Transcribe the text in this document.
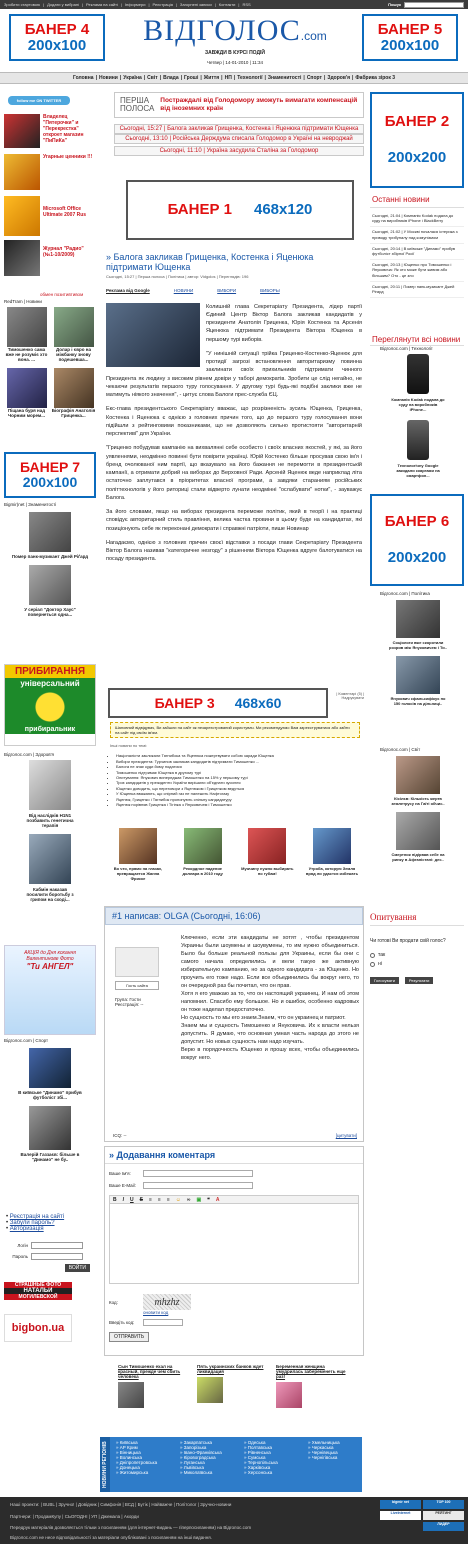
Зробити стартовою | Додати у вибрані | Реклама на сайті | Інформери | Реєстрація | Загорнені записи | Контакти | RSS	Пошук
БАНЕР 4
200x100
БАНЕР 5
200x100
ВІДГОЛОС.com
ЗАВЖДИ В КУРСІ ПОДІЙ
Четвер | 14-01-2010 | 11:34
Головна | Новини | Україна | Світ | Влада | Гроші | Життя | НП | Технології | Знаменитості | Спорт | Здоров'я | Фабрика зірок 3
follow me ON TWITTER
Владелец "Пятерочки" и "Перекрестка" откроет магазин "ПиПиКа"
Угарные ценники !!!
Microsoft Office Ultimate 2007 Rus
Журнал "Радио" (№1-10/2009)
обмен позитивтивом
RedTram | Новини
Тимошенко сама вже не розуміє хто вона. ...
Долар і євро на міжбанку знову подешевша...
Піщана буря над Чорним морем...
Біографія Анатолія Гриценка...
БАНЕР 7
200x100
Bigmir)net | Знаменитості
Помер панк-музикант Джей Ріґард
У серіал "Доктор Хаус" повернеться одна...
ПРИБИРАННЯ
універсальний
прибиральник
Відголос.com | Здоров'я
Від наслідків H1N1 позбавить генетична терапія
Кабмін наказав посилити боротьбу з грипом на сході...
АКЦІЯ до Дня кохання
Валентинове Фото
"Ти АНГЕЛ"
Відголос.com | Спорт
В київське "Динамо" прибув футболіст збі...
Валерій Газзаєв: більше в "Динамо" не бу..
• Реєстрація на сайті
• Забули пароль?
• Авторизація
Логін
Пароль
ВОЙТИ
СТРАШНЫЕ ФОТО
НАТАЛЬИ
МОГИЛЕВСКОЙ
bigbon.ua
ПЕРША ПОЛОСА
Постраждалі від Голодомору зможуть вимагати компенсацій від іноземних країн
Сьогодні, 15:27 | Балога закликав Грищенка, Костенка і Яценюка підтримати Ющенка
Сьогодні, 13:10 | Російська Держдума списала Голодомор в Україні на невроджай
Сьогодні, 11:10 | Україна засудила Сталіна за Голодомор
БАНЕР 1 468x120
» Балога закликав Грищенка, Костенка і Яценюка підтримати Ющенка
Сьогодні, 15:27 | Перша полоса | Політика | автор: Vidgolos | Переглядів: 196
Реклама від Google	НОВИНИ	ВИБОРИ	ВИБОРЫ

Колишній глава Секретаріату Президента, лідер партії Єдиний Центр Віктор Балога закликав кандидатів у президенти Анатолія Гриценка, Юрія Костенка та Арсенія Яценюка підтримати Президента Віктора Ющенка в першому турі виборів.

"У нинішній ситуації трійка Гриценко-Костенко-Яценюк для протидії загрозі встановлення авторитаризму повинна заклинати своїх прихильників підтримати чинного Президента як людину з високим рівнем довіри у таборі демократів. Зробити це слід негайно, не чекаючи результатів першого туру голосування. У другому турі будь-які подібні заклики вже не матимуть ніякого значення", - цитує слова Балоги прес-служба ЄЦ.

Екс-глава президентського Секретаріату вважає, що розрізненість зусиль Ющенка, Гриценка, Костенка і Яценюка є однією з головних причин того, що до першого туру голосування вони підійшли з рейтинговими показниками, що не дозволяють сильно протистояти "авторитарній перспективі" для України.

"Гриценко побудував кампанію на вихвалянні себе особисто і своїх власних якостей, у які, за його уявленнями, неодмінно повинні бути повірити українці. Юрій Костенко більше просував свою ім'я і бренд очолюваної ним партії, що вказувало на його бажання не перемогти в президентській кампанії, а отримати добрий на виборах до Верховної Ради. Арсеній Яценюк веде наприклад літа остаточно заплутався в пріоритетах власної програми, а завдяки стараниям російських політтехнологів у його риториці стали відверто лунати неодмінні "ослабувати" нотки", - зауважує Балога.

За його словами, якщо на виборах президента переможе політик, який в теорії і на практиці сповідує авторитарний стиль правління, велика частка провини в цьому буде на кандидатах, які позиціонують себе як переконані демократи і справжні патріоти, пише Новинар

Нагадаємо, однією з головних причин своєї відставки з посади глави Секретаріату Президента Віктор Балога називав "категоричне незгоду" з рішенням Віктора Ющенка вдруге балотуватися на посаду президента.

БАНЕР 3 468x60
| Коментарі (5) | Надрукувати
Шановний відвідувач, Ви зайшли на сайт як незареєстрований користувач. Ми рекомендуємо Вам зареєструватися або зайти на сайт під своїм ім'ям.
Інші новини по темі:
• Націоналісти закликали Тягнибока та Яценюка пожертвувати собою заради Ющенка
• Вибори президента: Турчинов закликав кандидатів підтримати Тимошенко ...
• Балога не знає куди йому податися
• Тимошенко підтримає Ющенка в другому турі
• Опитування: Янукович випереджає Тимошенко на 15% у першому турі
• Троє кандидатів у президенти України вирішили об'єднати зусилля
• Ющенко доводить, що переговори з Яценюком і Гриценком ведуться
• У Ющенка вважають, що спірний газ не належить Нафтогазу
• Яценюк, Гриценко і Тягнибок пропонують спільну кандидатуру
• Яценюк порівняв Гриценка і Тігіпка з Януковичем і Тимошенко
Во что, прямо на глазах, превращается Жанна Фриске
Рекордное падение доллара в 2010 году
Мужчину нужно выбирать по губам!
Утроба, которую Земля вряд ли удастся избежать
#1 написав: OLGA (Сьогодні, 16:06)
Гость сайта
Група: Гости
Реєстрація: --

Ключенно, если эти кандидаты не хотят , чтобы президентом Украины были шоумены и шоувумены, то им нужно объединиться. Было бы больше реальной пользы для Украины, если бы они с самого начала определились и вели такую же активную избирательную кампанию, но за одного кандидата - за Ющенко. Но проучить его тоже надо. Если все объединились бы вокруг него, то он очередной раз бы почитал, что он прав.

Хотя я его уважаю за то, что он настоящий украинец. И нам об этом напомнил. Спасибо ему большое. Но и ошибок, особенно кадровых он тоже наделал предостаточно.

Но сущность то мы его знаем.Знаем, что он украинец и патриот.

Знаем мы и сущность Тимошенко и Януковича. Их к власти нельзя допустить. Я думаю, что основная умная часть народа до этого не допустит. Но новых сущность нам надо изучать.

Верю в порядочность Ющенко и прошу всех, чтобы объединились вокруг него.

ICQ: --	[цитувати]
» Додавання коментаря
Ваше Ім'я:
Ваше E-Mail:
B I U S ≡ ≡ ≡ ☺ ∞ ▣ ❝ A
Код:	mhzhz
оновити код
Введіть код:
ОТПРАВИТЬ
Сын Тимошенко ехал на красный, прежде чем сбить человека
Пять украинских банков ждет ликвидация
Беременная женщина умудрилась забеременеть еще раз!
НОВИНИ РЕГІОНІВ	» Київська
» АР Крим
» Вінницька
» Волинська
» Дніпропетровська
» Донецька
» Житомирська
» Закарпатська
» Запорізька
» Івано-Франківська
» Кіровоградська
» Луганська
» Львівська
» Миколаївська
» Одеська
» Полтавська
» Рівненська
» Сумська
» Тернопільська
» Харківська
» Херсонська
» Хмельницька
» Черкаська
» Чернівецька
» Чернігівська
БАНЕР 2
200x200
Останні новини
Сьогодні, 21:04 | Компанія Kodak подала до суду на виробників iPhone і BlackBerry
Сьогодні, 21:02 | У Москві почалася істерика з приводу трибуналу над комунізмом
Сьогодні, 20:14 | В київське "Динамо" прибув футболіст збірної Росії
Сьогодні, 20:13 | Ющенко про Тимошенко і Януковича: Як ото може бути живим або більшим? Ото - це зло
Сьогодні, 20:11 | Помер панк-музикант Джей Рігард
Переглянути всі новини
Відголос.com | Технології
Компанія Kodak подала до суду на виробників iPhone...
Технологічну Google закидали скаргами на смартфон...
БАНЕР 6
200x200
Відголос.com | Політика
Соціологи вже скоротили розрив між Януковичем і Ти..
Янукович сфальсифікує по 150 голосів на дільниці..
Відголос.com | Світ
Кісілєв: Кількість жертв землетрусу на Гаїті обчис..
Смертник підірвав себе на ринку в Афганістані: дес..
Опитування
Чи готові Ви продати свій голос?
так
ні
Голосувати	Результати
Наші проекти: | BUBL | Зручно! | Довідник | Симфонія | ВСД | Бутік | Найважче | Політолог | Зручно-новини
Партнери: | ПродамКупу | СЬОГОДНІ | УП | Джемала | Акорди
Передрук матеріалів дозволяється тільки з посиланням (для інтернет-видань — гіперпосиланням) на Відголос.com
Відголос.com не несе відповідальності за матеріали опубліковані з посиланням на інші видання.
bigmir net	TOP 100
LiveInternet	РЕЙТИНГ
ЛИДЕР
